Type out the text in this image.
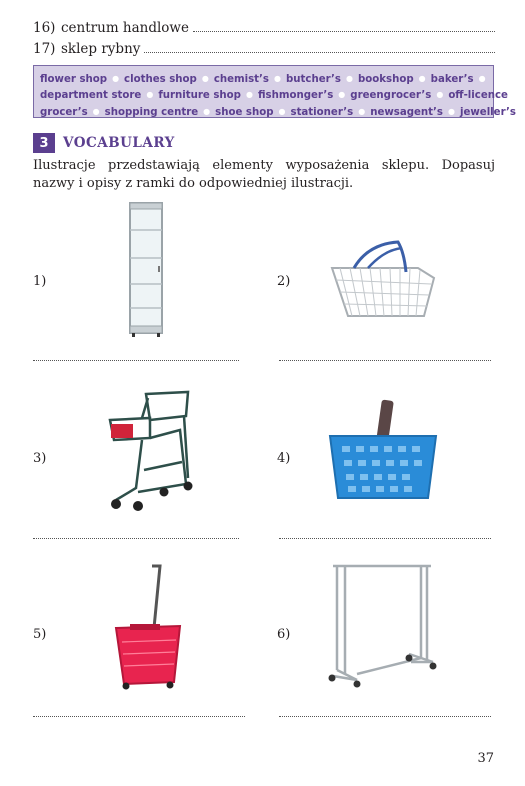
16) centrum handlowe
17) sklep rybny
flower shop ● clothes shop ● chemist’s ● butcher’s ● bookshop ● baker’s ●
department store ● furniture shop ● fishmonger’s ● greengrocer’s ● off-licence ●
grocer’s ● shopping centre ● shoe shop ● stationer’s ● newsagent’s ● jeweller’s
3	VOCABULARY
Ilustracje przedstawiają elementy wyposażenia sklepu. Dopasuj nazwy i opisy z ramki do odpowiedniej ilustracji.
1)	2)
3)	4)
5)	6)
37
